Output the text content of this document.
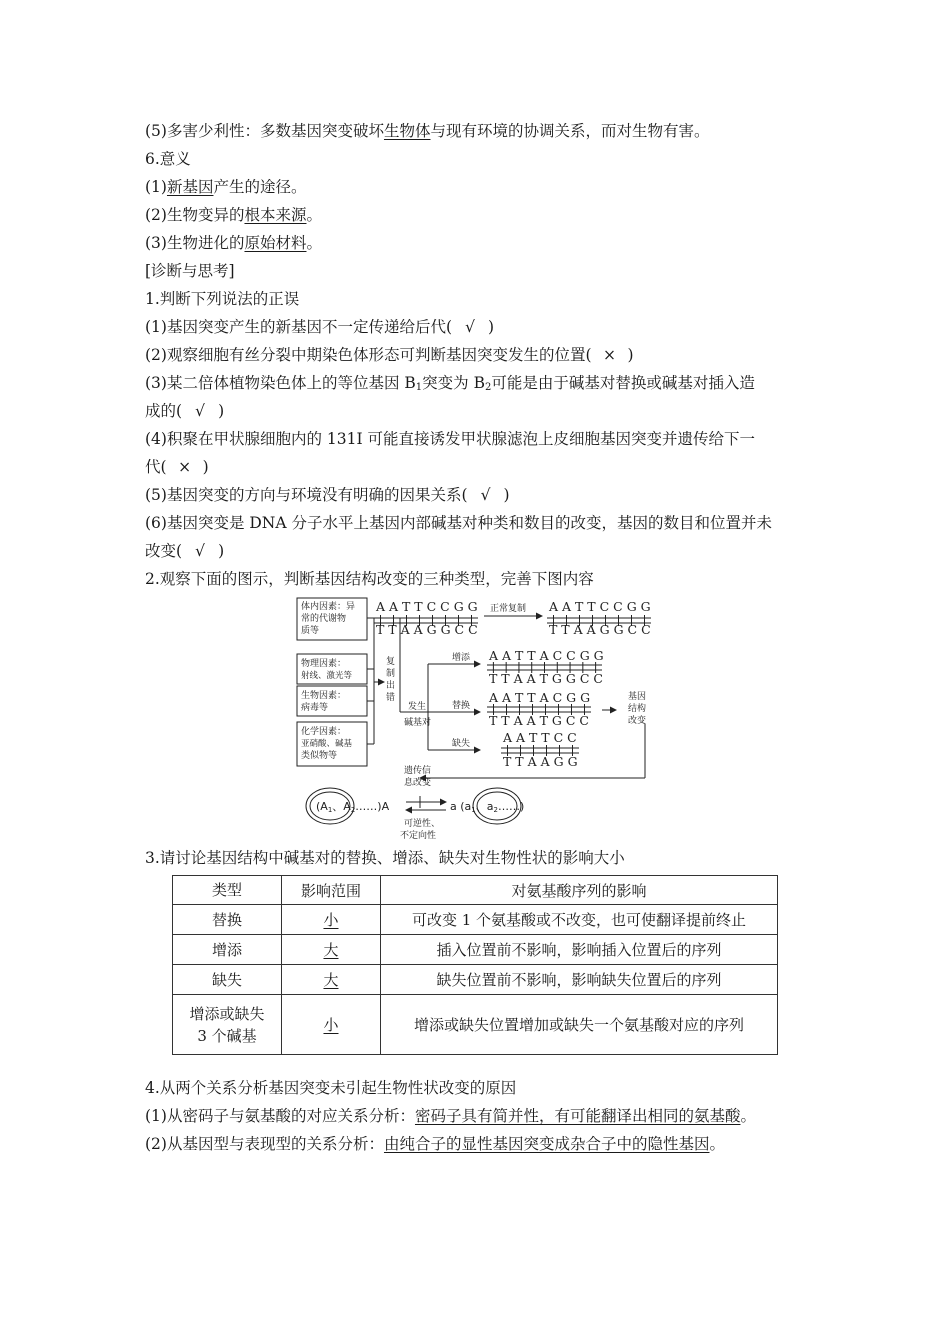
(5)多害少利性：多数基因突变破坏生物体与现有环境的协调关系，而对生物有害。
6.意义
(1)新基因产生的途径。
(2)生物变异的根本来源。
(3)生物进化的原始材料。
[诊断与思考]
1.判断下列说法的正误
(1)基因突变产生的新基因不一定传递给后代( √ )
(2)观察细胞有丝分裂中期染色体形态可判断基因突变发生的位置( × )
(3)某二倍体植物染色体上的等位基因 $B_1$突变为 $B_2$可能是由于碱基对替换或碱基对插入造
成的( √ )
(4)积聚在甲状腺细胞内的 131I 可能直接诱发甲状腺滤泡上皮细胞基因突变并遗传给下一
代( × )
(5)基因突变的方向与环境没有明确的因果关系( √ )
(6)基因突变是 DNA 分子水平上基因内部碱基对种类和数目的改变，基因的数目和位置并未
改变( √ )
2.观察下面的图示，判断基因结构改变的三种类型，完善下图内容
体内因素：异
常的代谢物
质等
物理因素：
射线、激光等
生物因素：
病毒等
化学因素：
亚硝酸、碱基
类似物等
复
制
出
错
正常复制
A A T T C C G G
T T A A G G C C
A A T T C C G G
T T A A G G C C
增添 A A T T A C C G G
T T A A T G G C C
发生
碱基对
替换
A A T T A C G G
T T A A T G C C
缺失	A A T T C C
T T A A G G
基因
结构
改变
遗传信
息改变
(A1、A2……)A	a (a1、a2……)
可逆性、
不定向性
3.请讨论基因结构中碱基对的替换、增添、缺失对生物性状的影响大小
类型	影响范围	对氨基酸序列的影响
替换	小	可改变 1 个氨基酸或不改变，也可使翻译提前终止
增添	大	插入位置前不影响，影响插入位置后的序列
缺失	大	缺失位置前不影响，影响缺失位置后的序列

增添或缺失
3 个碱基	小	增添或缺失位置增加或缺失一个氨基酸对应的序列
4.从两个关系分析基因突变未引起生物性状改变的原因
(1)从密码子与氨基酸的对应关系分析：密码子具有简并性，有可能翻译出相同的氨基酸。
(2)从基因型与表现型的关系分析：由纯合子的显性基因突变成杂合子中的隐性基因。
